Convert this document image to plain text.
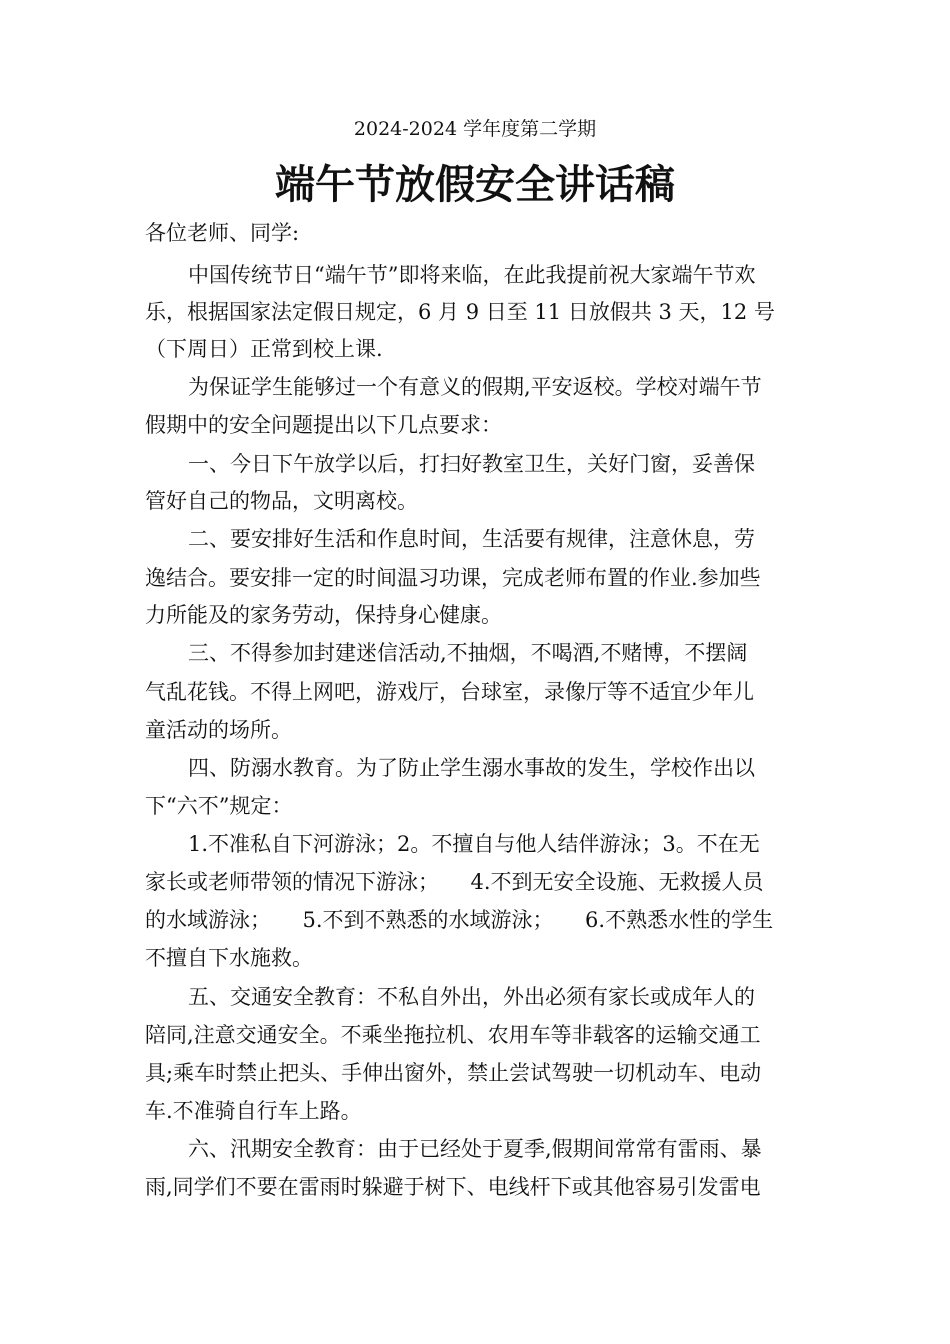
2024-2024 学年度第二学期
端午节放假安全讲话稿
各位老师、同学:
中国传统节日“端午节”即将来临，在此我提前祝大家端午节欢
乐，根据国家法定假日规定，6 月 9 日至 11 日放假共 3 天，12 号
（下周日）正常到校上课.
为保证学生能够过一个有意义的假期,平安返校。学校对端午节
假期中的安全问题提出以下几点要求：
一、今日下午放学以后，打扫好教室卫生，关好门窗，妥善保
管好自己的物品，文明离校。
二、要安排好生活和作息时间，生活要有规律，注意休息，劳
逸结合。要安排一定的时间温习功课，完成老师布置的作业.参加些
力所能及的家务劳动，保持身心健康。
三、不得参加封建迷信活动,不抽烟，不喝酒,不赌博，不摆阔
气乱花钱。不得上网吧，游戏厅，台球室，录像厅等不适宜少年儿
童活动的场所。
四、防溺水教育。为了防止学生溺水事故的发生，学校作出以
下“六不”规定：
1.不准私自下河游泳；2。不擅自与他人结伴游泳；3。不在无
家长或老师带领的情况下游泳；　　4.不到无安全设施、无救援人员
的水域游泳；　　5.不到不熟悉的水域游泳；　　6.不熟悉水性的学生
不擅自下水施救。
五、交通安全教育：不私自外出，外出必须有家长或成年人的
陪同,注意交通安全。不乘坐拖拉机、农用车等非载客的运输交通工
具;乘车时禁止把头、手伸出窗外，禁止尝试驾驶一切机动车、电动
车.不准骑自行车上路。
六、汛期安全教育：由于已经处于夏季,假期间常常有雷雨、暴
雨,同学们不要在雷雨时躲避于树下、电线杆下或其他容易引发雷电
